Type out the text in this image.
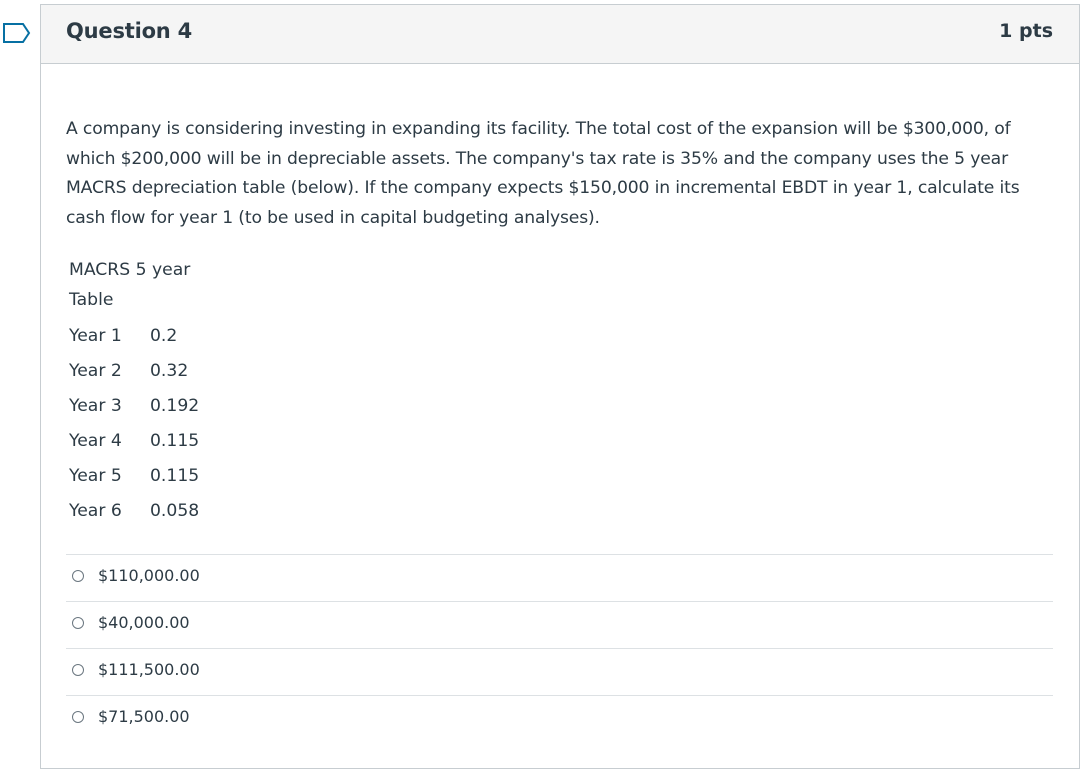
Question 4	1 pts

A company is considering investing in expanding its facility. The total cost of the expansion will be $300,000, of which $200,000 will be in depreciable assets. The company's tax rate is 35% and the company uses the 5 year MACRS depreciation table (below). If the company expects $150,000 in incremental EBDT in year 1, calculate its cash flow for year 1 (to be used in capital budgeting analyses).

MACRS 5 year Table
Year 1	0.2
Year 2	0.32
Year 3	0.192
Year 4	0.115
Year 5	0.115
Year 6	0.058
$110,000.00
$40,000.00
$111,500.00
$71,500.00
